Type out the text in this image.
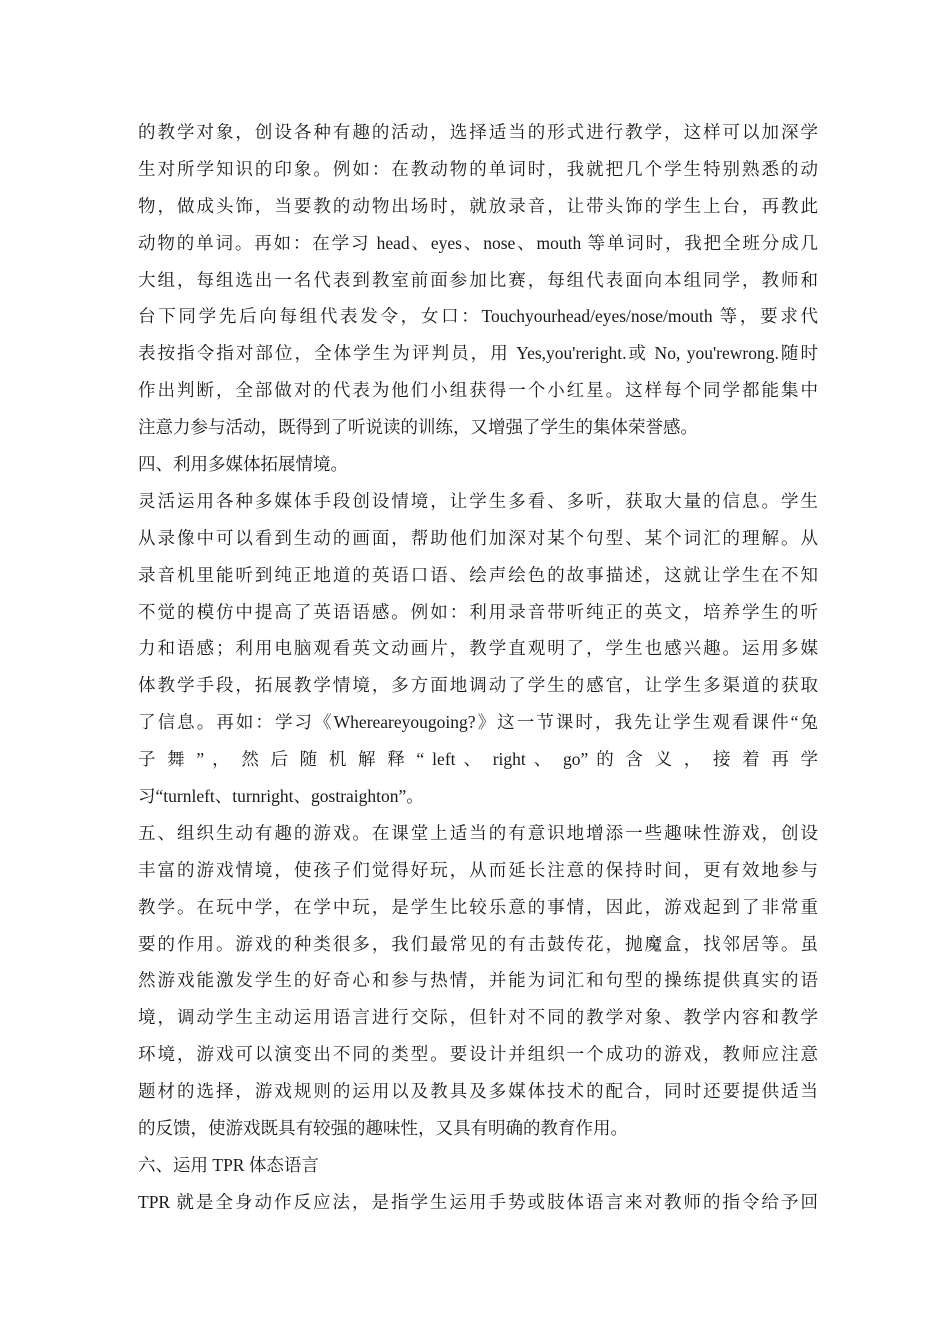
的教学对象，创设各种有趣的活动，选择适当的形式进行教学，这样可以加深学
生对所学知识的印象。例如：在教动物的单词时，我就把几个学生特别熟悉的动
物，做成头饰，当要教的动物出场时，就放录音，让带头饰的学生上台，再教此
动物的单词。再如：在学习 head、eyes、nose、mouth 等单词时，我把全班分成几
大组，每组选出一名代表到教室前面参加比赛，每组代表面向本组同学，教师和
台下同学先后向每组代表发令，女口：Touchyourhead/eyes/nose/mouth 等，要求代
表按指令指对部位，全体学生为评判员，用 Yes,you'reright.或 No, you'rewrong.随时
作出判断，全部做对的代表为他们小组获得一个小红星。这样每个同学都能集中
注意力参与活动，既得到了听说读的训练，又增强了学生的集体荣誉感。
四、利用多媒体拓展情境。
灵活运用各种多媒体手段创设情境，让学生多看、多听，获取大量的信息。学生
从录像中可以看到生动的画面，帮助他们加深对某个句型、某个词汇的理解。从
录音机里能听到纯正地道的英语口语、绘声绘色的故事描述，这就让学生在不知
不觉的模仿中提高了英语语感。例如：利用录音带听纯正的英文，培养学生的听
力和语感；利用电脑观看英文动画片，教学直观明了，学生也感兴趣。运用多媒
体教学手段，拓展教学情境，多方面地调动了学生的感官，让学生多渠道的获取
了信息。再如：学习《Whereareyougoing?》这一节课时，我先让学生观看课件“兔
子 舞 ” ， 然 后 随 机 解 释 “ left 、 right 、 go” 的 含 义 ， 接 着 再 学
习“turnleft、turnright、gostraighton”。
五、组织生动有趣的游戏。在课堂上适当的有意识地增添一些趣味性游戏，创设
丰富的游戏情境，使孩子们觉得好玩，从而延长注意的保持时间，更有效地参与
教学。在玩中学，在学中玩，是学生比较乐意的事情，因此，游戏起到了非常重
要的作用。游戏的种类很多，我们最常见的有击鼓传花，抛魔盒，找邻居等。虽
然游戏能激发学生的好奇心和参与热情，并能为词汇和句型的操练提供真实的语
境，调动学生主动运用语言进行交际，但针对不同的教学对象、教学内容和教学
环境，游戏可以演变出不同的类型。要设计并组织一个成功的游戏，教师应注意
题材的选择，游戏规则的运用以及教具及多媒体技术的配合，同时还要提供适当
的反馈，使游戏既具有较强的趣味性，又具有明确的教育作用。
六、运用 TPR 体态语言
TPR 就是全身动作反应法，是指学生运用手势或肢体语言来对教师的指令给予回
